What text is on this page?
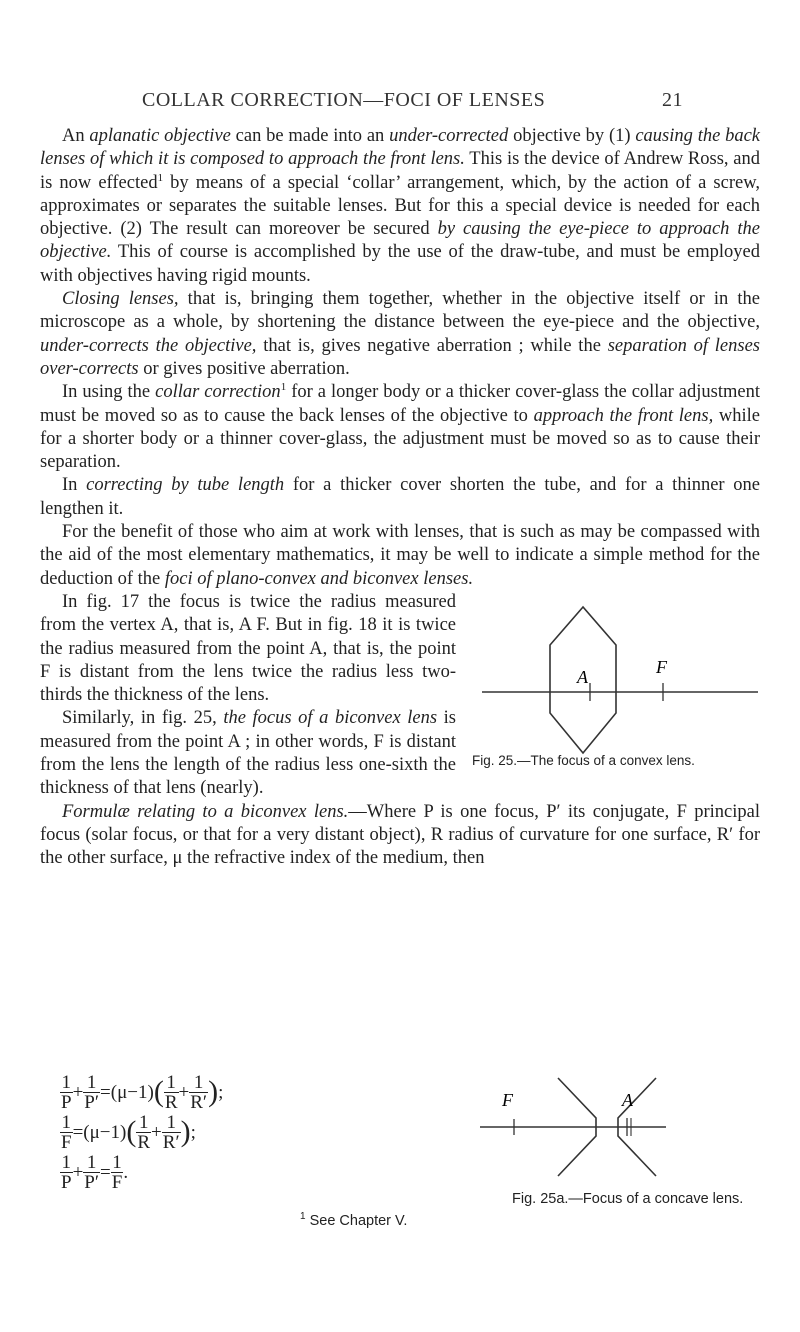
COLLAR CORRECTION—FOCI OF LENSES	21

An aplanatic objective can be made into an under-corrected objective by (1) causing the back lenses of which it is composed to approach the front lens. This is the device of Andrew Ross, and is now effected$^1$ by means of a special ‘collar’ arrangement, which, by the action of a screw, approximates or separates the suitable lenses. But for this a special device is needed for each objective. (2) The result can moreover be secured by causing the eye-piece to approach the objective. This of course is accomplished by the use of the draw-tube, and must be employed with objectives having rigid mounts.

Closing lenses, that is, bringing them together, whether in the objective itself or in the microscope as a whole, by shortening the distance between the eye-piece and the objective, under-corrects the objective, that is, gives negative aberration ; while the separation of lenses over-corrects or gives positive aberration.

In using the collar correction$^1$ for a longer body or a thicker cover-glass the collar adjustment must be moved so as to cause the back lenses of the objective to approach the front lens, while for a shorter body or a thinner cover-glass, the adjustment must be moved so as to cause their separation.

In correcting by tube length for a thicker cover shorten the tube, and for a thinner one lengthen it.

For the benefit of those who aim at work with lenses, that is such as may be compassed with the aid of the most elementary mathematics, it may be well to indicate a simple method for the deduction of the foci of plano-convex and biconvex lenses.

A	F
Fig. 25.—The focus of a convex lens.

In fig. 17 the focus is twice the radius measured from the vertex A, that is, A F. But in fig. 18 it is twice the radius measured from the point A, that is, the point F is distant from the lens twice the radius less two-thirds the thickness of the lens.

Similarly, in fig. 25, the focus of a biconvex lens is measured from the point A ; in other words, F is distant from the lens the length of the radius less one-sixth the thickness of that lens (nearly).

Formulæ relating to a biconvex lens.—Where P is one focus, P′ its conjugate, F principal focus (solar focus, or that for a very distant object), R radius of curvature for one surface, R′ for the other surface, μ the refractive index of the medium, then

$\frac{1}{P} + \frac{1}{P'} = (\mu-1)$ ( $\frac{1}{R} + \frac{1}{R'}$ ) ;
$\frac{1}{F} = (\mu-1)$ ( $\frac{1}{R} + \frac{1}{R'}$ ) ;
$\frac{1}{P} + \frac{1}{P'} = \frac{1}{F}$ .
F	A
Fig. 25a.—Focus of a concave lens.
$^1$ See Chapter V.
